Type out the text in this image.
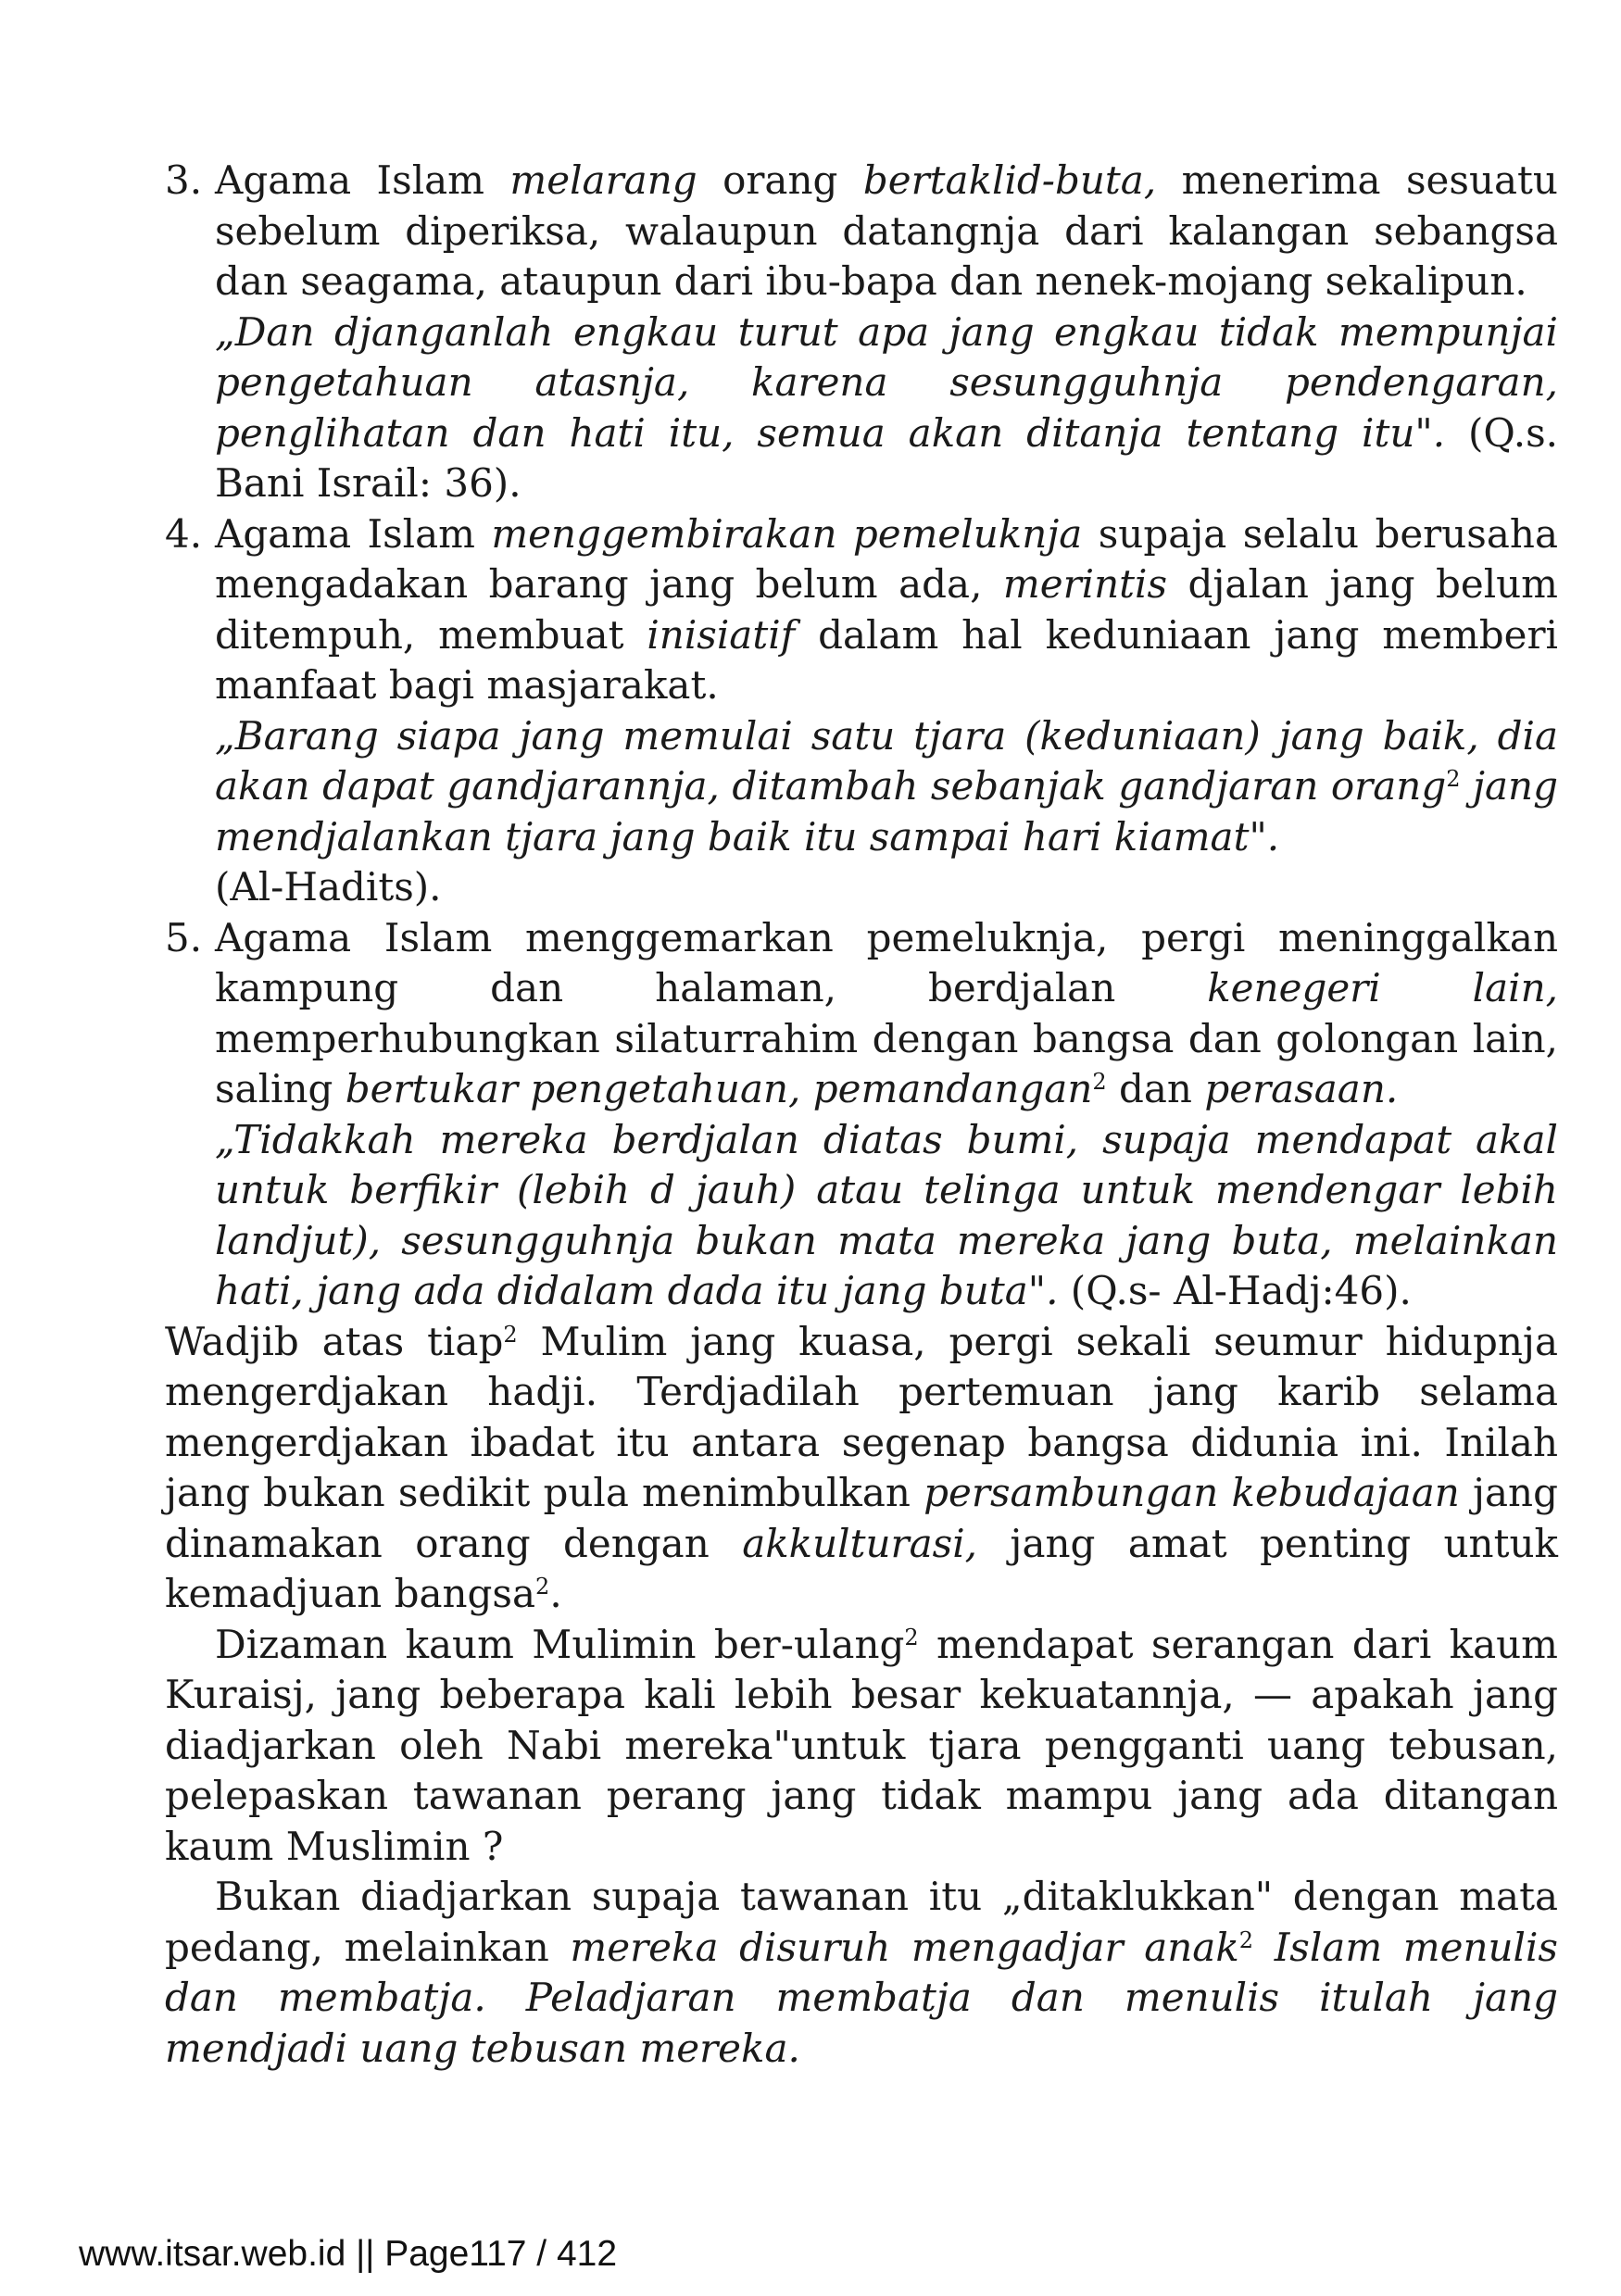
3. Agama Islam melarang orang bertaklid-buta, menerima sesuatu sebelum diperiksa, walaupun datangnja dari kalangan sebangsa dan seagama, ataupun dari ibu-bapa dan nenek-mojang sekalipun.
„Dan djanganlah engkau turut apa jang engkau tidak mempunjai pengetahuan atasnja, karena sesungguhnja pendengaran, penglihatan dan hati itu, semua akan ditanja tentang itu". (Q.s. Bani Israil: 36).

4. Agama Islam menggembirakan pemeluknja supaja selalu berusaha mengadakan barang jang belum ada, merintis djalan jang belum ditempuh, membuat inisiatif dalam hal keduniaan jang memberi manfaat bagi masjarakat.

„Barang siapa jang memulai satu tjara (keduniaan) jang baik, dia akan dapat gandjarannja, ditambah sebanjak gandjaran orang$^2$ jang mendjalankan tjara jang baik itu sampai hari kiamat".
(Al-Hadits).

5. Agama Islam menggemarkan pemeluknja, pergi meninggalkan kampung dan halaman, berdjalan kenegeri lain, memperhubungkan silaturrahim dengan bangsa dan golongan lain, saling bertukar pengetahuan, pemandangan$^2$ dan perasaan.
„Tidakkah mereka berdjalan diatas bumi, supaja mendapat akal untuk berfikir (lebih d jauh) atau telinga untuk mendengar lebih landjut), sesungguhnja bukan mata mereka jang buta, melainkan hati, jang ada didalam dada itu jang buta". (Q.s- Al-Hadj:46).

Wadjib atas tiap$^2$ Mulim jang kuasa, pergi sekali seumur hidupnja mengerdjakan hadji. Terdjadilah pertemuan jang karib selama mengerdjakan ibadat itu antara segenap bangsa didunia ini. Inilah jang bukan sedikit pula menimbulkan persambungan kebudajaan jang dinamakan orang dengan akkulturasi, jang amat penting untuk kemadjuan bangsa$^2$.

Dizaman kaum Mulimin ber-ulang$^2$ mendapat serangan dari kaum Kuraisj, jang beberapa kali lebih besar kekuatannja, — apakah jang diadjarkan oleh Nabi mereka"untuk tjara pengganti uang tebusan, pelepaskan tawanan perang jang tidak mampu jang ada ditangan kaum Muslimin ?

Bukan diadjarkan supaja tawanan itu „ditaklukkan" dengan mata pedang, melainkan mereka disuruh mengadjar anak$^2$ Islam menulis dan membatja. Peladjaran membatja dan menulis itulah jang mendjadi uang tebusan mereka.

www.itsar.web.id || Page117 / 412
